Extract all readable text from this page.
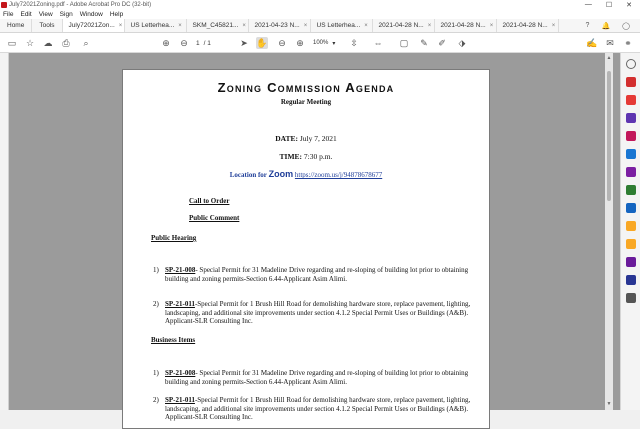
July72021Zoning.pdf - Adobe Acrobat Pro DC (32-bit)	— ☐ ✕
File Edit View Sign Window Help
Home Tools July72021Zon... × US Letterhea... × SKM_C45821... × 2021-04-23 N... × US Letterhea... × 2021-04-28 N... × 2021-04-28 N... × 2021-04-28 N... ×	? 🔔 ◯
▭ ☆ ☁ ⎙	⌕	⊕ ⊖	1 / 1	➤ ✋ ⊖ ⊕	100% ▾ ⇳ ⇔ ▢ ✎ ✐ ⬗	✍ ✉ ⚭
Zoning Commission Agenda
Regular Meeting
DATE: July 7, 2021
TIME: 7:30 p.m.
Location for Zoom https://zoom.us/j/94878678677
Call to Order
Public Comment
Public Hearing
1) SP-21-008- Special Permit for 31 Madeline Drive regarding and re-sloping of building lot prior to obtaining building and zoning permits-Section 6.44-Applicant Asim Alimi.
2) SP-21-011-Special Permit for 1 Brush Hill Road for demolishing hardware store, replace pavement, lighting, landscaping, and additional site improvements under section 4.1.2 Special Permit Uses or Buildings (A&B). Applicant-SLR Consulting Inc.
Business Items
1) SP-21-008- Special Permit for 31 Madeline Drive regarding and re-sloping of building lot prior to obtaining building and zoning permits-Section 6.44-Applicant Asim Alimi.
2) SP-21-011-Special Permit for 1 Brush Hill Road for demolishing hardware store, replace pavement, lighting, landscaping, and additional site improvements under section 4.1.2 Special Permit Uses or Buildings (A&B). Applicant-SLR Consulting Inc.
▲
▼
